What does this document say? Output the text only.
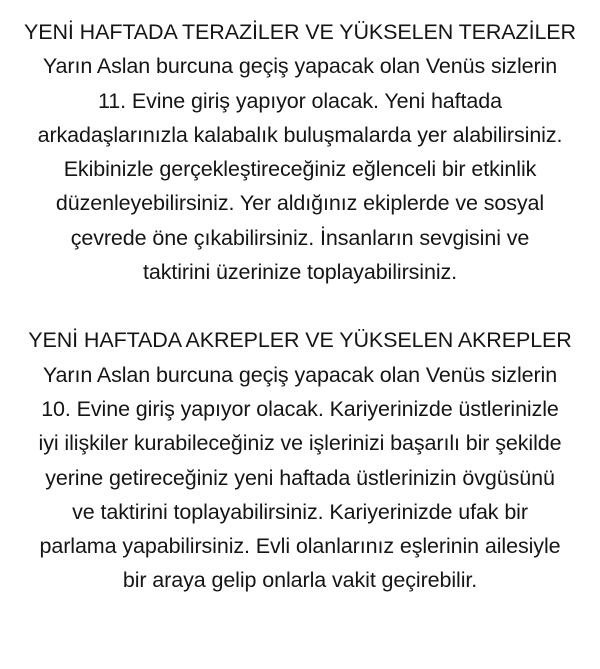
YENİ HAFTADA TERAZİLER VE YÜKSELEN TERAZİLER
Yarın Aslan burcuna geçiş yapacak olan Venüs sizlerin
11. Evine giriş yapıyor olacak. Yeni haftada
arkadaşlarınızla kalabalık buluşmalarda yer alabilirsiniz.
Ekibinizle gerçekleştireceğiniz eğlenceli bir etkinlik
düzenleyebilirsiniz. Yer aldığınız ekiplerde ve sosyal
çevrede öne çıkabilirsiniz. İnsanların sevgisini ve
taktirini üzerinize toplayabilirsiniz.
YENİ HAFTADA AKREPLER VE YÜKSELEN AKREPLER
Yarın Aslan burcuna geçiş yapacak olan Venüs sizlerin
10. Evine giriş yapıyor olacak. Kariyerinizde üstlerinizle
iyi ilişkiler kurabileceğiniz ve işlerinizi başarılı bir şekilde
yerine getireceğiniz yeni haftada üstlerinizin övgüsünü
ve taktirini toplayabilirsiniz. Kariyerinizde ufak bir
parlama yapabilirsiniz. Evli olanlarınız eşlerinin ailesiyle
bir araya gelip onlarla vakit geçirebilir.
